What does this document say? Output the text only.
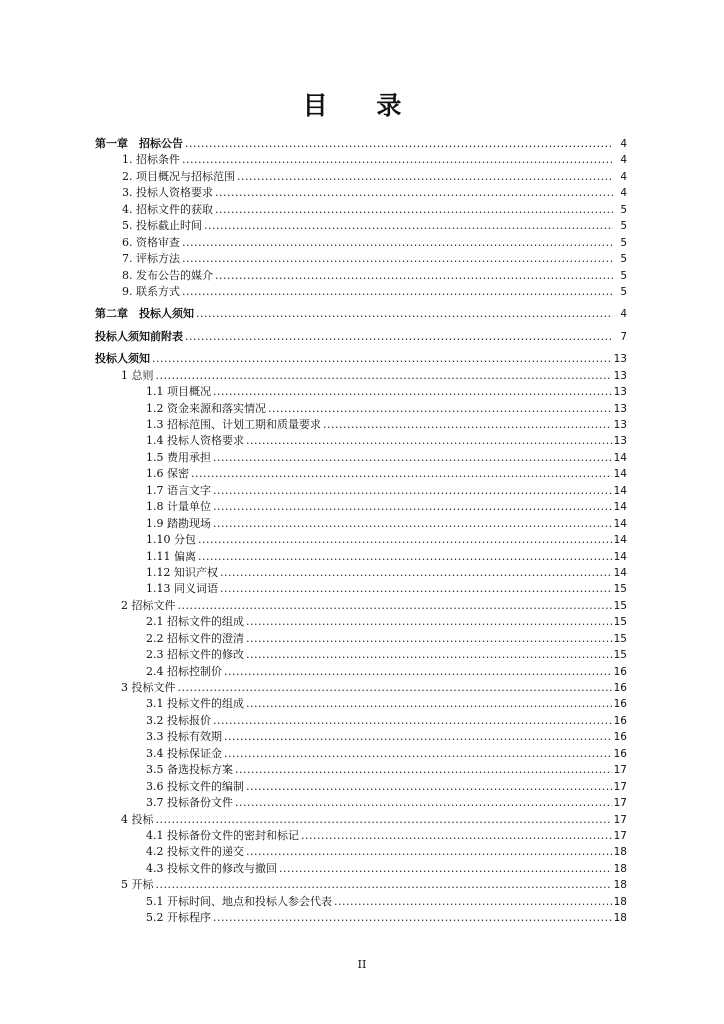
目 录
第一章　招标公告 .....	4
1. 招标条件 .....	4
2. 项目概况与招标范围 .....	4
3. 投标人资格要求 .....	4
4. 招标文件的获取 .....	5
5. 投标截止时间 .....	5
6. 资格审查 .....	5
7. 评标方法 .....	5
8. 发布公告的媒介 .....	5
9. 联系方式 .....	5
第二章　投标人须知 .....	4
投标人须知前附表 .....	7
投标人须知 .....	13
1 总则 .....	13
1.1 项目概况 .....	13
1.2 资金来源和落实情况 .....	13
1.3 招标范围、计划工期和质量要求 .....	13
1.4 投标人资格要求 .....	13
1.5 费用承担 .....	14
1.6 保密 .....	14
1.7 语言文字 .....	14
1.8 计量单位 .....	14
1.9 踏勘现场 .....	14
1.10 分包 .....	14
1.11 偏离 .....	14
1.12 知识产权 .....	14
1.13 同义词语 .....	15
2 招标文件 .....	15
2.1 招标文件的组成 .....	15
2.2 招标文件的澄清 .....	15
2.3 招标文件的修改 .....	15
2.4 招标控制价 .....	16
3 投标文件 .....	16
3.1 投标文件的组成 .....	16
3.2 投标报价 .....	16
3.3 投标有效期 .....	16
3.4 投标保证金 .....	16
3.5 备选投标方案 .....	17
3.6 投标文件的编制 .....	17
3.7 投标备份文件 .....	17
4 投标 .....	17
4.1 投标备份文件的密封和标记 .....	17
4.2 投标文件的递交 .....	18
4.3 投标文件的修改与撤回 .....	18
5 开标 .....	18
5.1 开标时间、地点和投标人参会代表 .....	18
5.2 开标程序 .....	18
II
